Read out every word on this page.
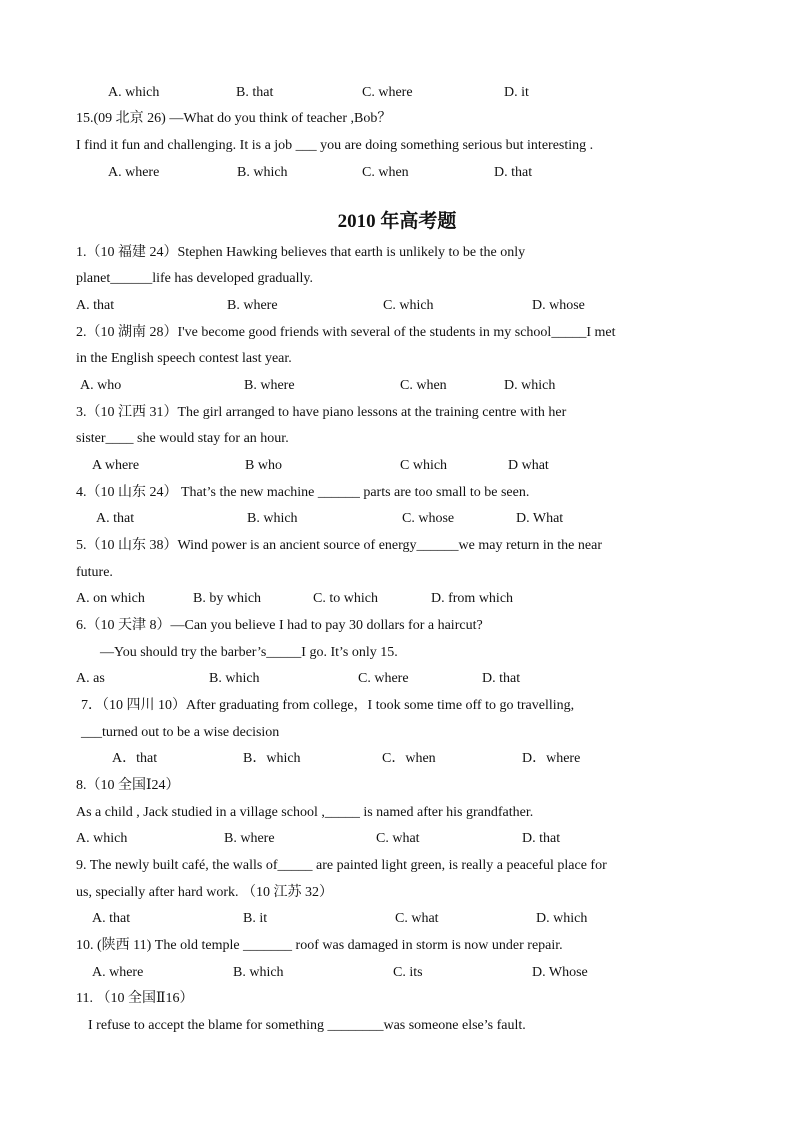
A. which	B. that	C. where	D. it
15.(09 北京 26) —What do you think of teacher ,Bob？
I find it fun and challenging. It is a job ___ you are doing something serious but interesting .
A. where	B. which	C. when	D. that
2010 年高考题
1.（10 福建 24）Stephen Hawking believes that earth is unlikely to be the only
planet______life has developed gradually.
A. that	B. where	C. which	D. whose
2.（10 湖南 28）I've become good friends with several of the students in my school_____I met
in the English speech contest last year.
A. who	B. where	C. when	D. which
3.（10 江西 31）The girl arranged to have piano lessons at the training centre with her
sister____ she would stay for an hour.
A where	B who	C which	D what
4.（10 山东 24） That’s the new machine ______ parts are too small to be seen.
A. that	B. which	C. whose	D. What
5.（10 山东 38）Wind power is an ancient source of energy______we may return in the near
future.
A. on which	B. by which	C. to which	D. from which
6.（10 天津 8）—Can you believe I had to pay 30 dollars for a haircut?
—You should try the barber’s_____I go. It’s only 15.
A. as	B. which	C. where	D. that
7．（10 四川 10）After graduating from college，I took some time off to go travelling,
___turned out to be a wise decision
A．that	B．which	C．when	D．where
8.（10 全国Ⅰ24）
As a child , Jack studied in a village school ,_____ is named after his grandfather.
A. which	B. where	C. what	D. that
9. The newly built café, the walls of_____ are painted light green, is really a peaceful place for
us, specially after hard work. （10 江苏 32）
A. that	B. it	C. what	D. which
10. (陕西 11) The old temple _______ roof was damaged in storm is now under repair.
A. where	B. which	C. its	D. Whose
11. （10 全国Ⅱ16）
I refuse to accept the blame for something ________was someone else’s fault.
